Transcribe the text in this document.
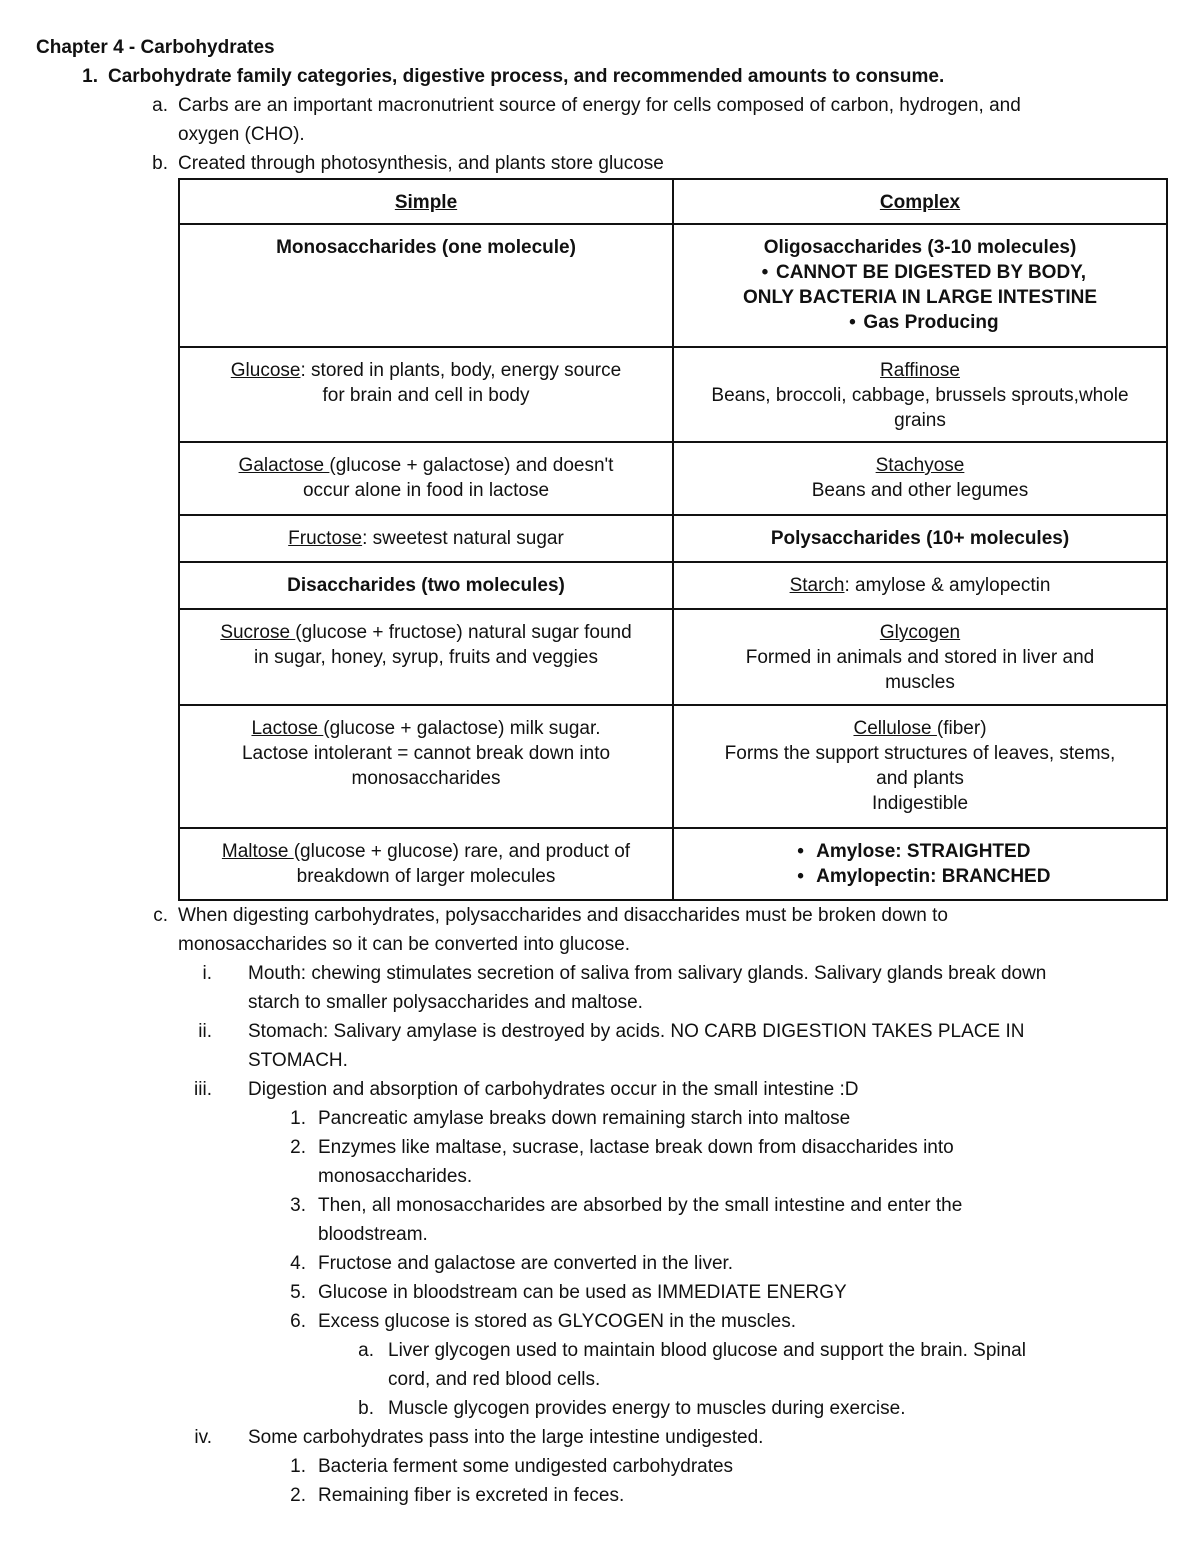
Chapter 4 - Carbohydrates
1. Carbohydrate family categories, digestive process, and recommended amounts to consume.
a. Carbs are an important macronutrient source of energy for cells composed of carbon, hydrogen, and
oxygen (CHO).
b. Created through photosynthesis, and plants store glucose
Simple	Complex
Monosaccharides (one molecule)	Oligosaccharides (3-10 molecules)
• CANNOT BE DIGESTED BY BODY,
ONLY BACTERIA IN LARGE INTESTINE
• Gas Producing

Glucose: stored in plants, body, energy source
for brain and cell in body	Raffinose
Beans, broccoli, cabbage, brussels sprouts,whole
grains

Galactose (glucose + galactose) and doesn't
occur alone in food in lactose	Stachyose
Beans and other legumes

Fructose: sweetest natural sugar	Polysaccharides (10+ molecules)
Disaccharides (two molecules)	Starch: amylose & amylopectin

Sucrose (glucose + fructose) natural sugar found
in sugar, honey, syrup, fruits and veggies	Glycogen
Formed in animals and stored in liver and
muscles

Lactose (glucose + galactose) milk sugar.
Lactose intolerant = cannot break down into
monosaccharides	Cellulose (fiber)
Forms the support structures of leaves, stems,
and plants
Indigestible

Maltose (glucose + glucose) rare, and product of
breakdown of larger molecules	• Amylose: STRAIGHTED
• Amylopectin: BRANCHED
c. When digesting carbohydrates, polysaccharides and disaccharides must be broken down to
monosaccharides so it can be converted into glucose.
i. Mouth: chewing stimulates secretion of saliva from salivary glands. Salivary glands break down
starch to smaller polysaccharides and maltose.
ii. Stomach: Salivary amylase is destroyed by acids. NO CARB DIGESTION TAKES PLACE IN
STOMACH.
iii. Digestion and absorption of carbohydrates occur in the small intestine :D
1. Pancreatic amylase breaks down remaining starch into maltose
2. Enzymes like maltase, sucrase, lactase break down from disaccharides into
monosaccharides.
3. Then, all monosaccharides are absorbed by the small intestine and enter the
bloodstream.
4. Fructose and galactose are converted in the liver.
5. Glucose in bloodstream can be used as IMMEDIATE ENERGY
6. Excess glucose is stored as GLYCOGEN in the muscles.
a. Liver glycogen used to maintain blood glucose and support the brain. Spinal
cord, and red blood cells.
b. Muscle glycogen provides energy to muscles during exercise.
iv. Some carbohydrates pass into the large intestine undigested.
1. Bacteria ferment some undigested carbohydrates
2. Remaining fiber is excreted in feces.
